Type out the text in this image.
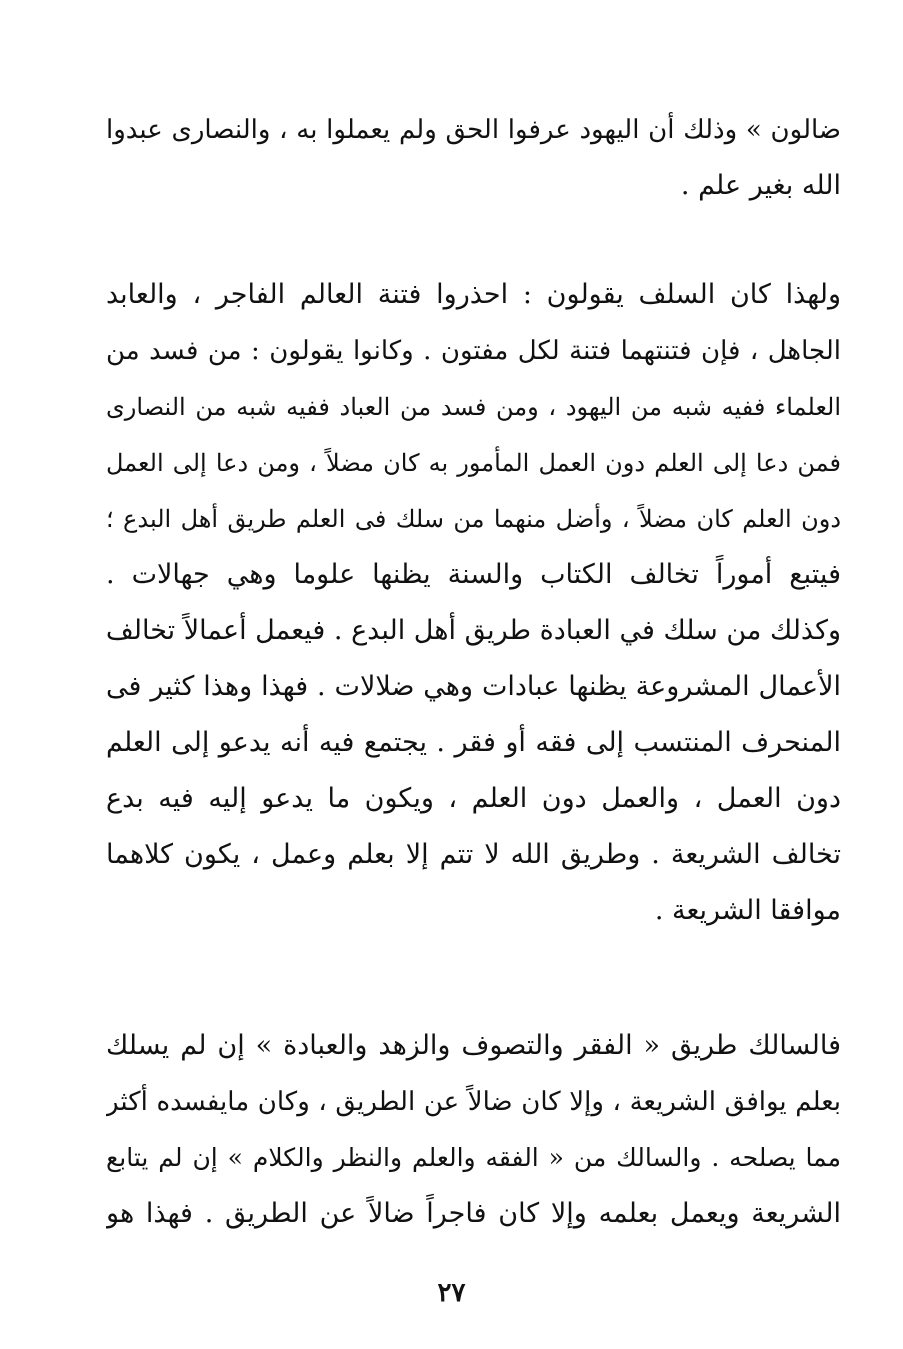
ضالون » وذلك أن اليهود عرفوا الحق ولم يعملوا به ، والنصارى عبدوا
الله بغير علم .
ولهذا كان السلف يقولون : احذروا فتنة العالم الفاجر ، والعابد
الجاهل ، فإن فتنتهما فتنة لكل مفتون . وكانوا يقولون : من فسد من
العلماء ففيه شبه من اليهود ، ومن فسد من العباد ففيه شبه من النصارى
فمن دعا إلى العلم دون العمل المأمور به كان مضلاً ، ومن دعا إلى العمل
دون العلم كان مضلاً ، وأضل منهما من سلك فى العلم طريق أهل البدع ؛
فيتبع أموراً تخالف الكتاب والسنة يظنها علوما وهي جهالات .
وكذلك من سلك في العبادة طريق أهل البدع . فيعمل أعمالاً تخالف
الأعمال المشروعة يظنها عبادات وهي ضلالات . فهذا وهذا كثير فى
المنحرف المنتسب إلى فقه أو فقر . يجتمع فيه أنه يدعو إلى العلم
دون العمل ، والعمل دون العلم ، ويكون ما يدعو إليه فيه بدع
تخالف الشريعة . وطريق الله لا تتم إلا بعلم وعمل ، يكون كلاهما
موافقا الشريعة .
فالسالك طريق « الفقر والتصوف والزهد والعبادة » إن لم يسلك
بعلم يوافق الشريعة ، وإلا كان ضالاً عن الطريق ، وكان مايفسده أكثر
مما يصلحه . والسالك من « الفقه والعلم والنظر والكلام » إن لم يتابع
الشريعة ويعمل بعلمه وإلا كان فاجراً ضالاً عن الطريق . فهذا هو
٢٧
